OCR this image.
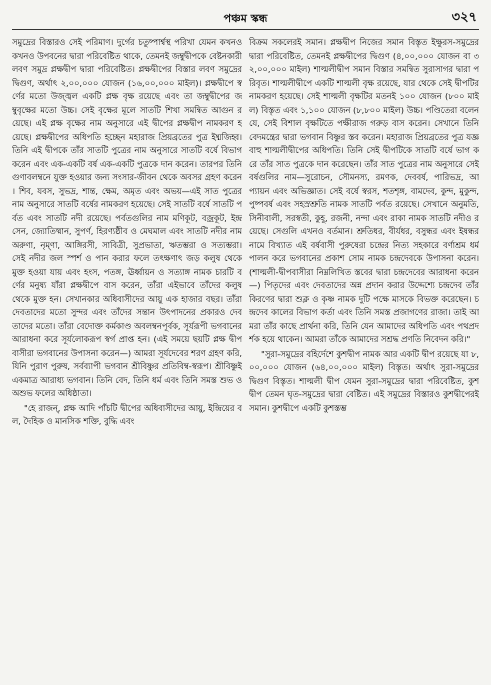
পঞ্চম স্কন্ধ	৩২৭

সমুদ্রের বিস্তারও সেই পরিমাণ। দুর্গের চতুষ্পার্শ্বস্থ পরিখা যেমন কখনও কখনও উপবনের দ্বারা পরিবেষ্টিত থাকে, তেমনই জম্বুদ্বীপকে বেষ্টনকারী লবণ সমুদ্র প্লক্ষদ্বীপ দ্বারা পরিবেষ্টিত। প্লক্ষদ্বীপের বিস্তার লবণ সমুদ্রের দ্বিগুণ, অর্থাৎ ২,০০,০০০ যোজন (১৬,০০,০০০ মাইল)। প্লক্ষদ্বীপে স্বর্ণের মতো উজ্জ্বল একটি প্লক্ষ বৃক্ষ রয়েছে এবং তা জম্বুদ্বীপের জম্বুবৃক্ষের মতো উচ্চ। সেই বৃক্ষের মূলে সাতটি শিখা সমন্বিত আগুন রয়েছে। এই প্লক্ষ বৃক্ষের নাম অনুসারে এই দ্বীপের প্লক্ষদ্বীপ নামকরণ হয়েছে। প্লক্ষদ্বীপের অধিপতি হচ্ছেন মহারাজ প্রিয়ব্রতের পুত্র ইধ্মজিহ্ব। তিনি এই দ্বীপকে তাঁর সাতটি পুত্রের নাম অনুসারে সাতটি বর্ষে বিভাগ করেন এবং এক-একটি বর্ষ এক-একটি পুত্রকে দান করেন। তারপর তিনি গুণাবলম্বনে যুক্ত হওয়ার জন্য সংসার-জীবন থেকে অবসর গ্রহণ করেন। শিব, যবস, সুভদ্র, শান্ত, ক্ষেম, অমৃত এবং অভয়—এই সাত পুত্রের নাম অনুসারে সাতটি বর্ষের নামকরণ হয়েছে। সেই সাতটি বর্ষে সাতটি পর্বত এবং সাতটি নদী রয়েছে। পর্বতগুলির নাম মণিকূট, বজ্রকূট, ইন্দ্রসেন, জ্যোতিষ্মান, সুপর্ণ, হিরণ্যষ্ঠীব ও মেঘমাল এবং সাতটি নদীর নাম অরুণা, নৃম্ণা, আঙ্গিরসী, সাবিত্রী, সুপ্রভাতা, ঋতম্ভরা ও সত্যম্ভরা। সেই নদীর জল স্পর্শ ও পান করার ফলে তৎক্ষণাৎ জড় কলুষ থেকে মুক্ত হওয়া যায় এবং হংস, পতঙ্গ, ঊর্ধ্বায়ন ও সত্যাঙ্গ নামক চারটি বর্ণের মনুষ্য যাঁরা প্লক্ষদ্বীপে বাস করেন, তাঁরা এইভাবে তাঁদের কলুষ থেকে মুক্ত হন। সেখানকার অধিবাসীদের আয়ু এক হাজার বছর। তাঁরা দেবতাদের মতো সুন্দর এবং তাঁদের সন্তান উৎপাদনের প্রকারও দেবতাদের মতো। তাঁরা বেদোক্ত কর্মকাণ্ড অবলম্বনপূর্বক, সূর্যরূপী ভগবানের আরাধনা করে সূর্যলোকরূপ স্বর্গ প্রাপ্ত হন। (এই সময়ে ছয়টি প্লক্ষ দ্বীপবাসীরা ভগবানের উপাসনা করেন—) আমরা সূর্যদেবের শরণ গ্রহণ করি, যিনি পুরাণ পুরুষ, সর্বব্যাপী ভগবান শ্রীবিষ্ণুর প্রতিবিম্ব-স্বরূপ। শ্রীবিষ্ণুই একমাত্র আরাধ্য ভগবান। তিনি বেদ, তিনি ধর্ম এবং তিনি সমস্ত শুভ ও অশুভ ফলের অধিষ্ঠাতা।

"হে রাজন্‌, প্লক্ষ আদি পাঁচটি দ্বীপের অধিবাসীদের আয়ু, ইন্দ্রিয়ের বল, দৈহিক ও মানসিক শক্তি, বুদ্ধি এবং

বিক্রম সকলেরই সমান। প্লক্ষদ্বীপ নিজের সমান বিস্তৃত ইক্ষুরস-সমুদ্রের দ্বারা পরিবেষ্টিত, তেমনই প্লক্ষদ্বীপের দ্বিগুণ (৪,০০,০০০ যোজন বা ৩২,০০,০০০ মাইল) শাল্মলীদ্বীপ সমান বিস্তার সমন্বিত সুরাসাগর দ্বারা পরিবৃত। শাল্মলীদ্বীপে একটি শাল্মলী বৃক্ষ রয়েছে, যার থেকে সেই দ্বীপটির নামকরণ হয়েছে। সেই শাল্মলী বৃক্ষটির মতনই ১০০ যোজন (৮০০ মাইল) বিস্তৃত এবং ১,১০০ যোজন (৮,৮০০ মাইল) উচ্চ। পণ্ডিতেরা বলেন যে, সেই বিশাল বৃক্ষটিতে পক্ষীরাজ গরুড় বাস করেন। সেখানে তিনি বেদমন্ত্রের দ্বারা ভগবান বিষ্ণুর স্তব করেন। মহারাজ প্রিয়ব্রতের পুত্র যজ্ঞবাহু শাল্মলীদ্বীপের অধিপতি। তিনি সেই দ্বীপটিকে সাতটি বর্ষে ভাগ করে তাঁর সাত পুত্রকে দান করেছেন। তাঁর সাত পুত্রের নাম অনুসারে সেই বর্ষগুলির নাম—সুরোচন, সৌমনস্য, রমণক, দেববর্ষ, পারিভদ্র, আপ্যায়ন এবং অভিজ্ঞাত। সেই বর্ষে স্বরস, শতশৃঙ্গ, বামদেব, কুন্দ, মুকুন্দ, পুষ্পবর্ষ এবং সহস্রশ্রুতি নামক সাতটি পর্বত রয়েছে। সেখানে অনুমতি, সিনীবালী, সরস্বতী, কুহূ, রজনী, নন্দা এবং রাকা নামক সাতটি নদীও রয়েছে। সেগুলি এখনও বর্তমান। শ্রুতিধর, বীর্যধর, বসুন্ধর এবং ইষন্ধর নামে বিখ্যাত এই বর্ষবাসী পুরুষেরা চন্দ্রের নিত্য সহকারে বর্ণাশ্রম ধর্ম পালন করে ভগবানের প্রকাশ সোম নামক চন্দ্রদেবকে উপাসনা করেন। (শাল্মলী-দ্বীপবাসীরা নিম্নলিখিত স্তবের দ্বারা চন্দ্রদেবের আরাধনা করেন—) পিতৃদের এবং দেবতাদের অন্ন প্রদান করার উদ্দেশ্যে চন্দ্রদেব তাঁর কিরণের দ্বারা শুক্ল ও কৃষ্ণ নামক দুটি পক্ষে মাসকে বিভক্ত করেছেন। চন্দ্রদেব কালের বিভাগ কর্তা এবং তিনি সমস্ত প্রজাগণের রাজা। তাই আমরা তাঁর কাছে প্রার্থনা করি, তিনি যেন আমাদের অধিপতি এবং পথপ্রদর্শক হয়ে থাকেন। আমরা তাঁকে আমাদের সশ্রদ্ধ প্রণতি নিবেদন করি।"

"সুরা-সমুদ্রের বহির্দেশে কুশদ্বীপ নামক আর একটি দ্বীপ রয়েছে যা ৮,০০,০০০ যোজন (৬৪,০০,০০০ মাইল) বিস্তৃত। অর্থাৎ সুরা-সমুদ্রের দ্বিগুণ বিস্তৃত। শাল্মলী দ্বীপ যেমন সুরা-সমুদ্রের দ্বারা পরিবেষ্টিত, কুশদ্বীপ তেমন ঘৃত-সমুদ্রের দ্বারা বেষ্টিত। এই সমুদ্রের বিস্তারও কুশদ্বীপেরই সমান। কুশদ্বীপে একটি কুশস্তম্ভ
